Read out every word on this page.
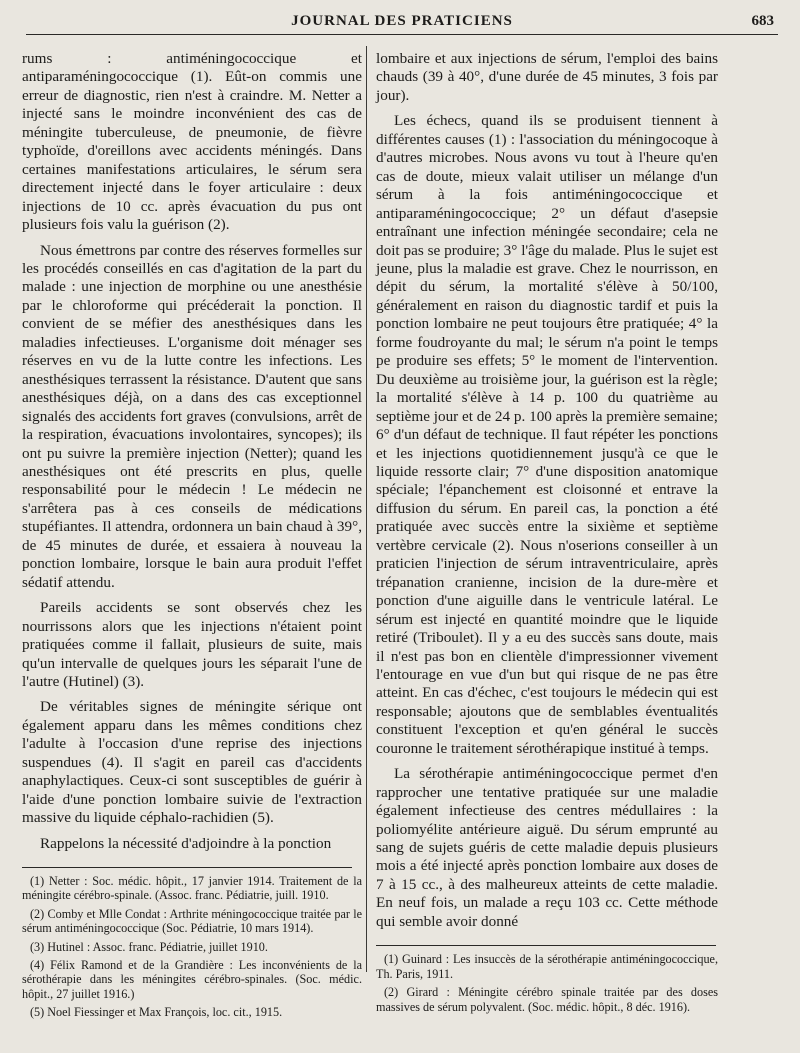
JOURNAL DES PRATICIENS	683

rums : antiméningococcique et antiparaméningococcique (1). Eût-on commis une erreur de diagnostic, rien n'est à craindre. M. Netter a injecté sans le moindre inconvénient des cas de méningite tuberculeuse, de pneumonie, de fièvre typhoïde, d'oreillons avec accidents méningés. Dans certaines manifestations articulaires, le sérum sera directement injecté dans le foyer articulaire : deux injections de 10 cc. après évacuation du pus ont plusieurs fois valu la guérison (2).

Nous émettrons par contre des réserves formelles sur les procédés conseillés en cas d'agitation de la part du malade : une injection de morphine ou une anesthésie par le chloroforme qui précéderait la ponction. Il convient de se méfier des anesthésiques dans les maladies infectieuses. L'organisme doit ménager ses réserves en vu de la lutte contre les infections. Les anesthésiques terrassent la résistance. D'autent que sans anesthésiques déjà, on a dans des cas exceptionnel signalés des accidents fort graves (convulsions, arrêt de la respiration, évacuations involontaires, syncopes); ils ont pu suivre la première injection (Netter); quand les anesthésiques ont été prescrits en plus, quelle responsabilité pour le médecin ! Le médecin ne s'arrêtera pas à ces conseils de médications stupéfiantes. Il attendra, ordonnera un bain chaud à 39°, de 45 minutes de durée, et essaiera à nouveau la ponction lombaire, lorsque le bain aura produit l'effet sédatif attendu.

Pareils accidents se sont observés chez les nourrissons alors que les injections n'étaient point pratiquées comme il fallait, plusieurs de suite, mais qu'un intervalle de quelques jours les séparait l'une de l'autre (Hutinel) (3).

De véritables signes de méningite sérique ont également apparu dans les mêmes conditions chez l'adulte à l'occasion d'une reprise des injections suspendues (4). Il s'agit en pareil cas d'accidents anaphylactiques. Ceux-ci sont susceptibles de guérir à l'aide d'une ponction lombaire suivie de l'extraction massive du liquide céphalo-rachidien (5).

Rappelons la nécessité d'adjoindre à la ponction

(1) Netter : Soc. médic. hôpit., 17 janvier 1914. Traitement de la méningite cérébro-spinale. (Assoc. franc. Pédiatrie, juill. 1910.
(2) Comby et Mlle Condat : Arthrite méningococcique traitée par le sérum antiméningococcique (Soc. Pédiatrie, 10 mars 1914).
(3) Hutinel : Assoc. franc. Pédiatrie, juillet 1910.
(4) Félix Ramond et de la Grandière : Les inconvénients de la sérothérapie dans les méningites cérébro-spinales. (Soc. médic. hôpit., 27 juillet 1916.)
(5) Noel Fiessinger et Max François, loc. cit., 1915.

lombaire et aux injections de sérum, l'emploi des bains chauds (39 à 40°, d'une durée de 45 minutes, 3 fois par jour).

Les échecs, quand ils se produisent tiennent à différentes causes (1) : l'association du méningocoque à d'autres microbes. Nous avons vu tout à l'heure qu'en cas de doute, mieux valait utiliser un mélange d'un sérum à la fois antiméningococcique et antiparaméningococcique; 2° un défaut d'asepsie entraînant une infection méningée secondaire; cela ne doit pas se produire; 3° l'âge du malade. Plus le sujet est jeune, plus la maladie est grave. Chez le nourrisson, en dépit du sérum, la mortalité s'élève à 50/100, généralement en raison du diagnostic tardif et puis la ponction lombaire ne peut toujours être pratiquée; 4° la forme foudroyante du mal; le sérum n'a point le temps pe produire ses effets; 5° le moment de l'intervention. Du deuxième au troisième jour, la guérison est la règle; la mortalité s'élève à 14 p. 100 du quatrième au septième jour et de 24 p. 100 après la première semaine; 6° d'un défaut de technique. Il faut répéter les ponctions et les injections quotidiennement jusqu'à ce que le liquide ressorte clair; 7° d'une disposition anatomique spéciale; l'épanchement est cloisonné et entrave la diffusion du sérum. En pareil cas, la ponction a été pratiquée avec succès entre la sixième et septième vertèbre cervicale (2). Nous n'oserions conseiller à un praticien l'injection de sérum intraventriculaire, après trépanation cranienne, incision de la dure-mère et ponction d'une aiguille dans le ventricule latéral. Le sérum est injecté en quantité moindre que le liquide retiré (Triboulet). Il y a eu des succès sans doute, mais il n'est pas bon en clientèle d'impressionner vivement l'entourage en vue d'un but qui risque de ne pas être atteint. En cas d'échec, c'est toujours le médecin qui est responsable; ajoutons que de semblables éventualités constituent l'exception et qu'en général le succès couronne le traitement sérothérapique institué à temps.

La sérothérapie antiméningococcique permet d'en rapprocher une tentative pratiquée sur une maladie également infectieuse des centres médullaires : la poliomyélite antérieure aiguë. Du sérum emprunté au sang de sujets guéris de cette maladie depuis plusieurs mois a été injecté après ponction lombaire aux doses de 7 à 15 cc., à des malheureux atteints de cette maladie. En neuf fois, un malade a reçu 103 cc. Cette méthode qui semble avoir donné

(1) Guinard : Les insuccès de la sérothérapie antiméningococcique, Th. Paris, 1911.
(2) Girard : Méningite cérébro spinale traitée par des doses massives de sérum polyvalent. (Soc. médic. hôpit., 8 déc. 1916).
